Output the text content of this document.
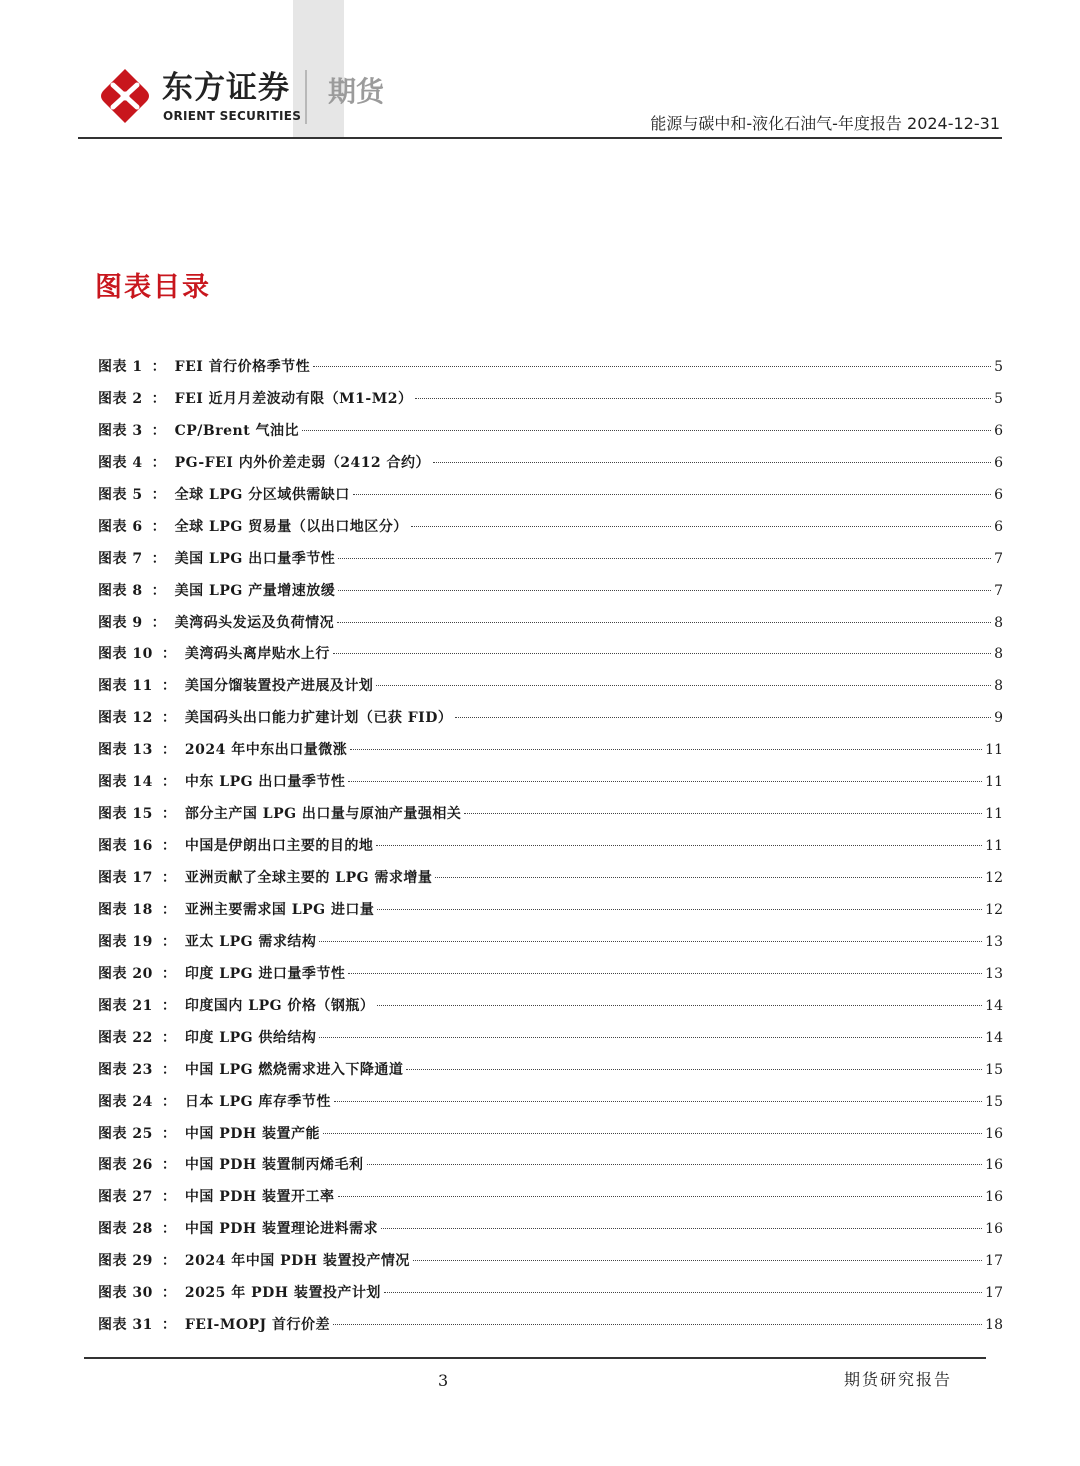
东方证券
ORIENT SECURITIES
期货
能源与碳中和-液化石油气-年度报告 2024-12-31
图表目录
图表 1 ： FEI 首行价格季节性	5
图表 2 ： FEI 近月月差波动有限（M1-M2）	5
图表 3 ： CP/Brent 气油比	6
图表 4 ： PG-FEI 内外价差走弱（2412 合约）	6
图表 5 ： 全球 LPG 分区域供需缺口	6
图表 6 ： 全球 LPG 贸易量（以出口地区分）	6
图表 7 ： 美国 LPG 出口量季节性	7
图表 8 ： 美国 LPG 产量增速放缓	7
图表 9 ： 美湾码头发运及负荷情况	8
图表 10 ： 美湾码头离岸贴水上行	8
图表 11 ： 美国分馏装置投产进展及计划	8
图表 12 ： 美国码头出口能力扩建计划（已获 FID）	9
图表 13 ： 2024 年中东出口量微涨	11
图表 14 ： 中东 LPG 出口量季节性	11
图表 15 ： 部分主产国 LPG 出口量与原油产量强相关	11
图表 16 ： 中国是伊朗出口主要的目的地	11
图表 17 ： 亚洲贡献了全球主要的 LPG 需求增量	12
图表 18 ： 亚洲主要需求国 LPG 进口量	12
图表 19 ： 亚太 LPG 需求结构	13
图表 20 ： 印度 LPG 进口量季节性	13
图表 21 ： 印度国内 LPG 价格（钢瓶）	14
图表 22 ： 印度 LPG 供给结构	14
图表 23 ： 中国 LPG 燃烧需求进入下降通道	15
图表 24 ： 日本 LPG 库存季节性	15
图表 25 ： 中国 PDH 装置产能	16
图表 26 ： 中国 PDH 装置制丙烯毛利	16
图表 27 ： 中国 PDH 装置开工率	16
图表 28 ： 中国 PDH 装置理论进料需求	16
图表 29 ： 2024 年中国 PDH 装置投产情况	17
图表 30 ： 2025 年 PDH 装置投产计划	17
图表 31 ： FEI-MOPJ 首行价差	18
3	期货研究报告
